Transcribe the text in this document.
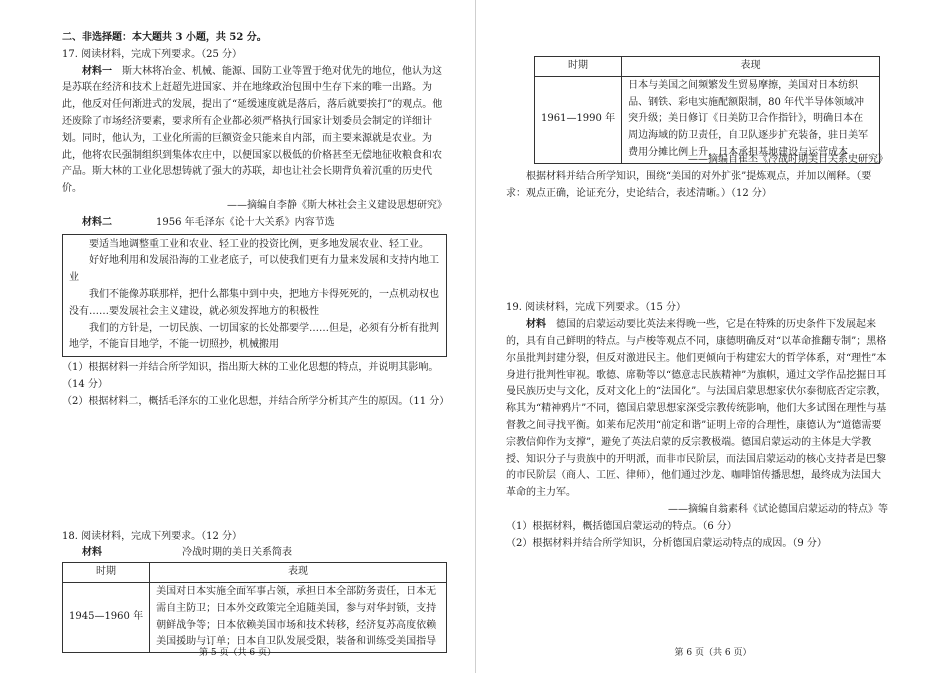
二、非选择题：本大题共 3 小题，共 52 分。

17. 阅读材料，完成下列要求。（25 分）

材料一 斯大林将冶金、机械、能源、国防工业等置于绝对优先的地位，他认为这是苏联在经济和技术上赶超先进国家、并在地缘政治包围中生存下来的唯一出路。为此，他反对任何渐进式的发展，提出了“延缓速度就是落后，落后就要挨打”的观点。他还废除了市场经济要素，要求所有企业都必须严格执行国家计划委员会制定的详细计划。同时，他认为，工业化所需的巨额资金只能来自内部，而主要来源就是农业。为此，他将农民强制组织到集体农庄中，以便国家以极低的价格甚至无偿地征收粮食和农产品。斯大林的工业化思想铸就了强大的苏联，却也让社会长期背负着沉重的历史代价。

——摘编自李静《斯大林社会主义建设思想研究》

材料二	1956 年毛泽东《论十大关系》内容节选

要适当地调整重工业和农业、轻工业的投资比例，更多地发展农业、轻工业。

好好地利用和发展沿海的工业老底子，可以使我们更有力量来发展和支持内地工业

我们不能像苏联那样，把什么都集中到中央，把地方卡得死死的，一点机动权也没有……要发展社会主义建设，就必须发挥地方的积极性

我们的方针是，一切民族、一切国家的长处都要学……但是，必须有分析有批判地学，不能盲目地学，不能一切照抄，机械搬用

（1）根据材料一并结合所学知识，指出斯大林的工业化思想的特点，并说明其影响。（14 分）

（2）根据材料二，概括毛泽东的工业化思想，并结合所学分析其产生的原因。（11 分）

18. 阅读材料，完成下列要求。（12 分）

材料	冷战时期的美日关系简表

时期	表现
1945—1960 年	美国对日本实施全面军事占领，承担日本全部防务责任，日本无需自主防卫；日本外交政策完全追随美国，参与对华封锁，支持朝鲜战争等；日本依赖美国市场和技术转移，经济复苏高度依赖美国援助与订单；日本自卫队发展受限，装备和训练受美国指导
第 5 页（共 6 页）
时期	表现
1961—1990 年	日本与美国之间频繁发生贸易摩擦，美国对日本纺织品、钢铁、彩电实施配额限制，80 年代半导体领域冲突升级；美日修订《日美防卫合作指针》，明确日本在周边海域的防卫责任，自卫队逐步扩充装备，驻日美军费用分摊比例上升，日本承担基地建设与运营成本

——摘编自崔丕《冷战时期美日关系史研究》

根据材料并结合所学知识，围绕“美国的对外扩张”提炼观点，并加以阐释。（要求：观点正确，论证充分，史论结合，表述清晰。）（12 分）

19. 阅读材料，完成下列要求。（15 分）

材料 德国的启蒙运动要比英法来得晚一些，它是在特殊的历史条件下发展起来的，具有自己鲜明的特点。与卢梭等观点不同，康德明确反对“以革命推翻专制”；黑格尔虽批判封建分裂，但反对激进民主。他们更倾向于构建宏大的哲学体系，对“理性”本身进行批判性审视。歌德、席勒等以“德意志民族精神”为旗帜，通过文学作品挖掘日耳曼民族历史与文化，反对文化上的“法国化”。与法国启蒙思想家伏尔泰彻底否定宗教，称其为“精神鸦片”不同，德国启蒙思想家深受宗教传统影响，他们大多试图在理性与基督教之间寻找平衡。如莱布尼茨用“前定和谐”证明上帝的合理性，康德认为“道德需要宗教信仰作为支撑”，避免了英法启蒙的反宗教极端。德国启蒙运动的主体是大学教授、知识分子与贵族中的开明派，而非市民阶层，而法国启蒙运动的核心支持者是巴黎的市民阶层（商人、工匠、律师），他们通过沙龙、咖啡馆传播思想，最终成为法国大革命的主力军。

——摘编自翁素科《试论德国启蒙运动的特点》等

（1）根据材料，概括德国启蒙运动的特点。（6 分）

（2）根据材料并结合所学知识，分析德国启蒙运动特点的成因。（9 分）

第 6 页（共 6 页）
